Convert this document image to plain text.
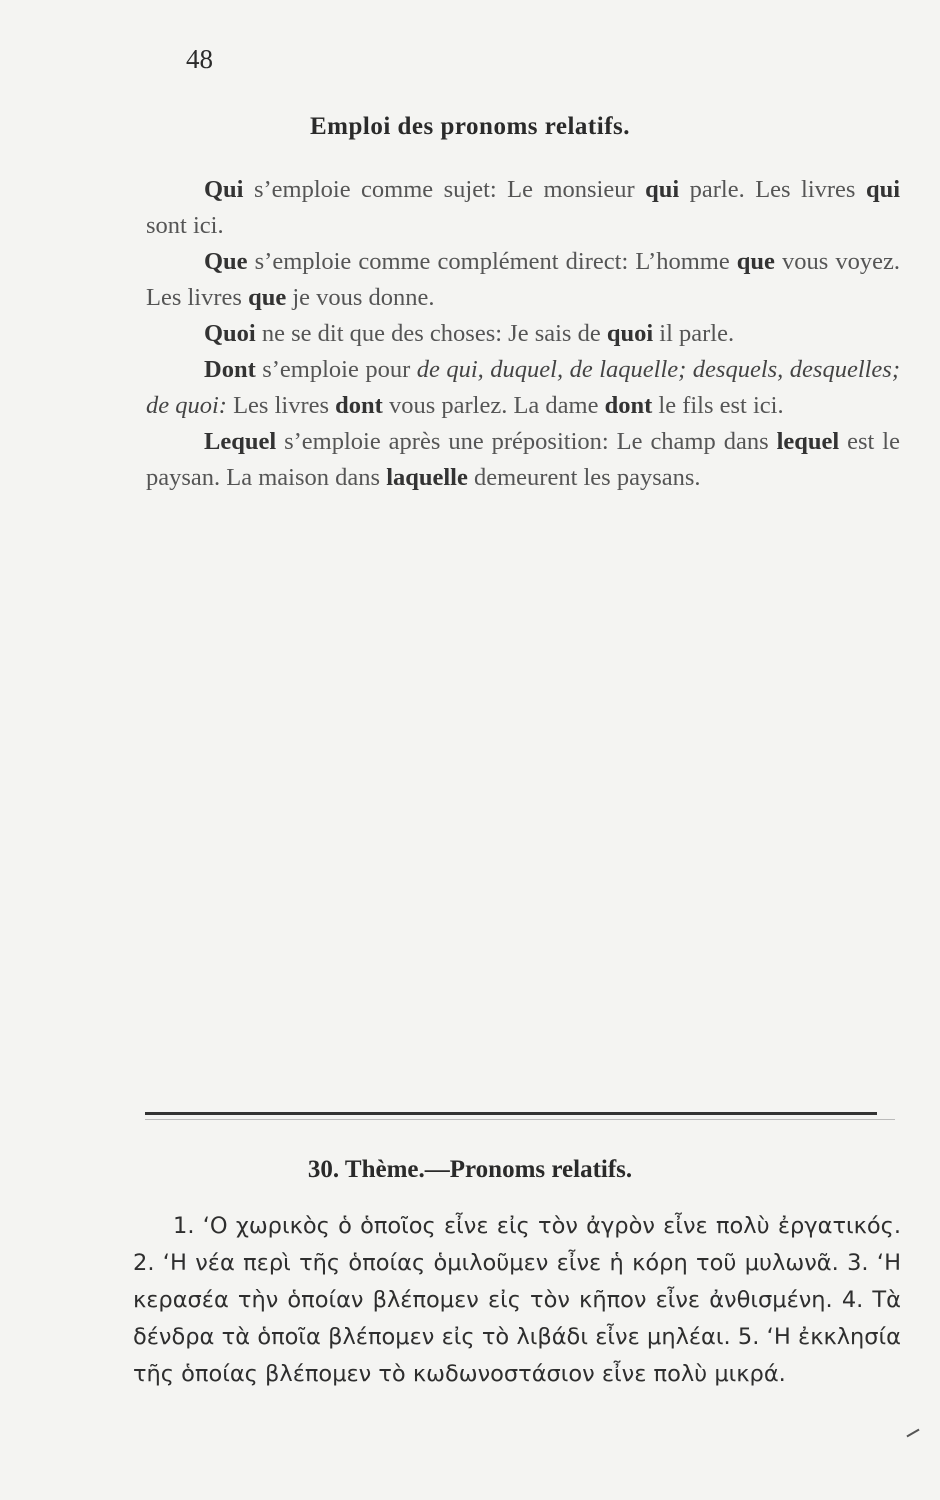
48
Emploi des pronoms relatifs.

Qui s’emploie comme sujet: Le monsieur qui parle. Les livres qui sont ici.

Que s’emploie comme complément direct: L’homme que vous voyez. Les livres que je vous donne.

Quoi ne se dit que des choses: Je sais de quoi il parle.

Dont s’emploie pour de qui, duquel, de laquelle; desquels, desquelles; de quoi: Les livres dont vous parlez. La dame dont le fils est ici.

Lequel s’emploie après une préposition: Le champ dans lequel est le paysan. La maison dans laquelle demeurent les paysans.

30. Thème.—Pronoms relatifs.

1. ‘Ο χωρικὸς ὁ ὁποῖος εἶνε εἰς τὸν ἀγρὸν εἶνε πολὺ ἐργατικός. 2. ‘Η νέα περὶ τῆς ὁποίας ὁμιλοῦμεν εἶνε ἡ κόρη τοῦ μυλωνᾶ. 3. ‘Η κερασέα τὴν ὁποίαν βλέπομεν εἰς τὸν κῆπον εἶνε ἀνθισμένη. 4. Τὰ δένδρα τὰ ὁποῖα βλέπομεν εἰς τὸ λιβάδι εἶνε μηλέαι. 5. ‘Η ἐκκλησία τῆς ὁποίας βλέπομεν τὸ κωδωνοστάσιον εἶνε πολὺ μικρά.
